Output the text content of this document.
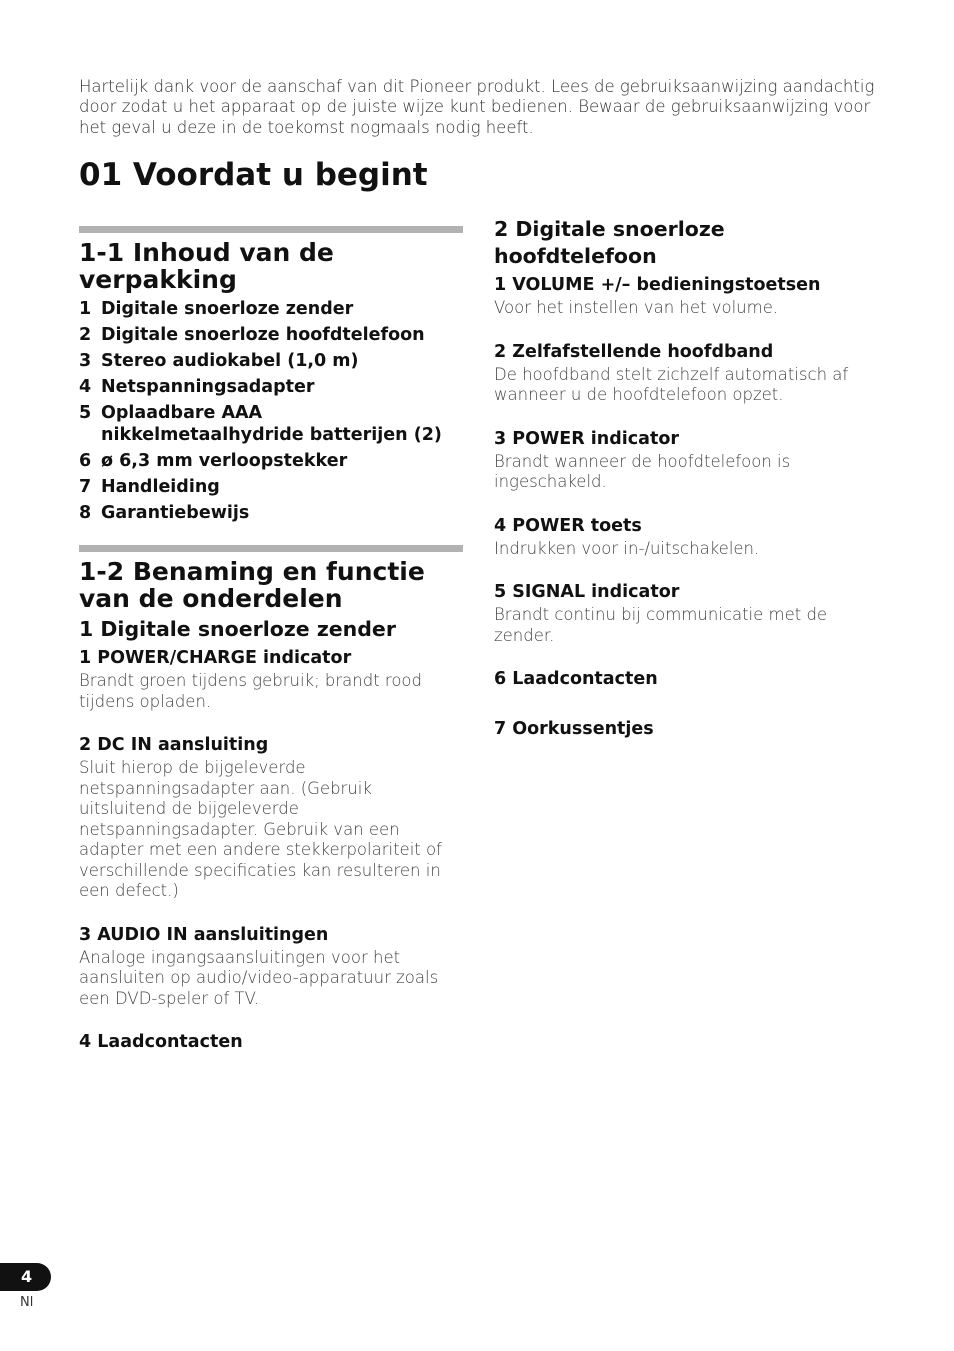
Hartelijk dank voor de aanschaf van dit Pioneer produkt. Lees de gebruiksaanwijzing aandachtig door zodat u het apparaat op de juiste wijze kunt bedienen. Bewaar de gebruiksaanwijzing voor het geval u deze in de toekomst nogmaals nodig heeft.

01 Voordat u begint
1-1 Inhoud van de verpakking
1 Digitale snoerloze zender
2 Digitale snoerloze hoofdtelefoon
3 Stereo audiokabel (1,0 m)
4 Netspanningsadapter
5 Oplaadbare AAA nikkelmetaalhydride batterijen (2)
6 ø 6,3 mm verloopstekker
7 Handleiding
8 Garantiebewijs
1-2 Benaming en functie van de onderdelen
1 Digitale snoerloze zender
1 POWER/CHARGE indicator

Brandt groen tijdens gebruik; brandt rood tijdens opladen.

2 DC IN aansluiting

Sluit hierop de bijgeleverde netspanningsadapter aan. (Gebruik uitsluitend de bijgeleverde netspanningsadapter. Gebruik van een adapter met een andere stekkerpolariteit of verschillende specificaties kan resulteren in een defect.)

3 AUDIO IN aansluitingen

Analoge ingangsaansluitingen voor het aansluiten op audio/video-apparatuur zoals een DVD-speler of TV.

4 Laadcontacten
2 Digitale snoerloze hoofdtelefoon
1 VOLUME +/– bedieningstoetsen

Voor het instellen van het volume.

2 Zelfafstellende hoofdband

De hoofdband stelt zichzelf automatisch af wanneer u de hoofdtelefoon opzet.

3 POWER indicator

Brandt wanneer de hoofdtelefoon is ingeschakeld.

4 POWER toets

Indrukken voor in-/uitschakelen.

5 SIGNAL indicator

Brandt continu bij communicatie met de zender.

6 Laadcontacten
7 Oorkussentjes
4
Nl
